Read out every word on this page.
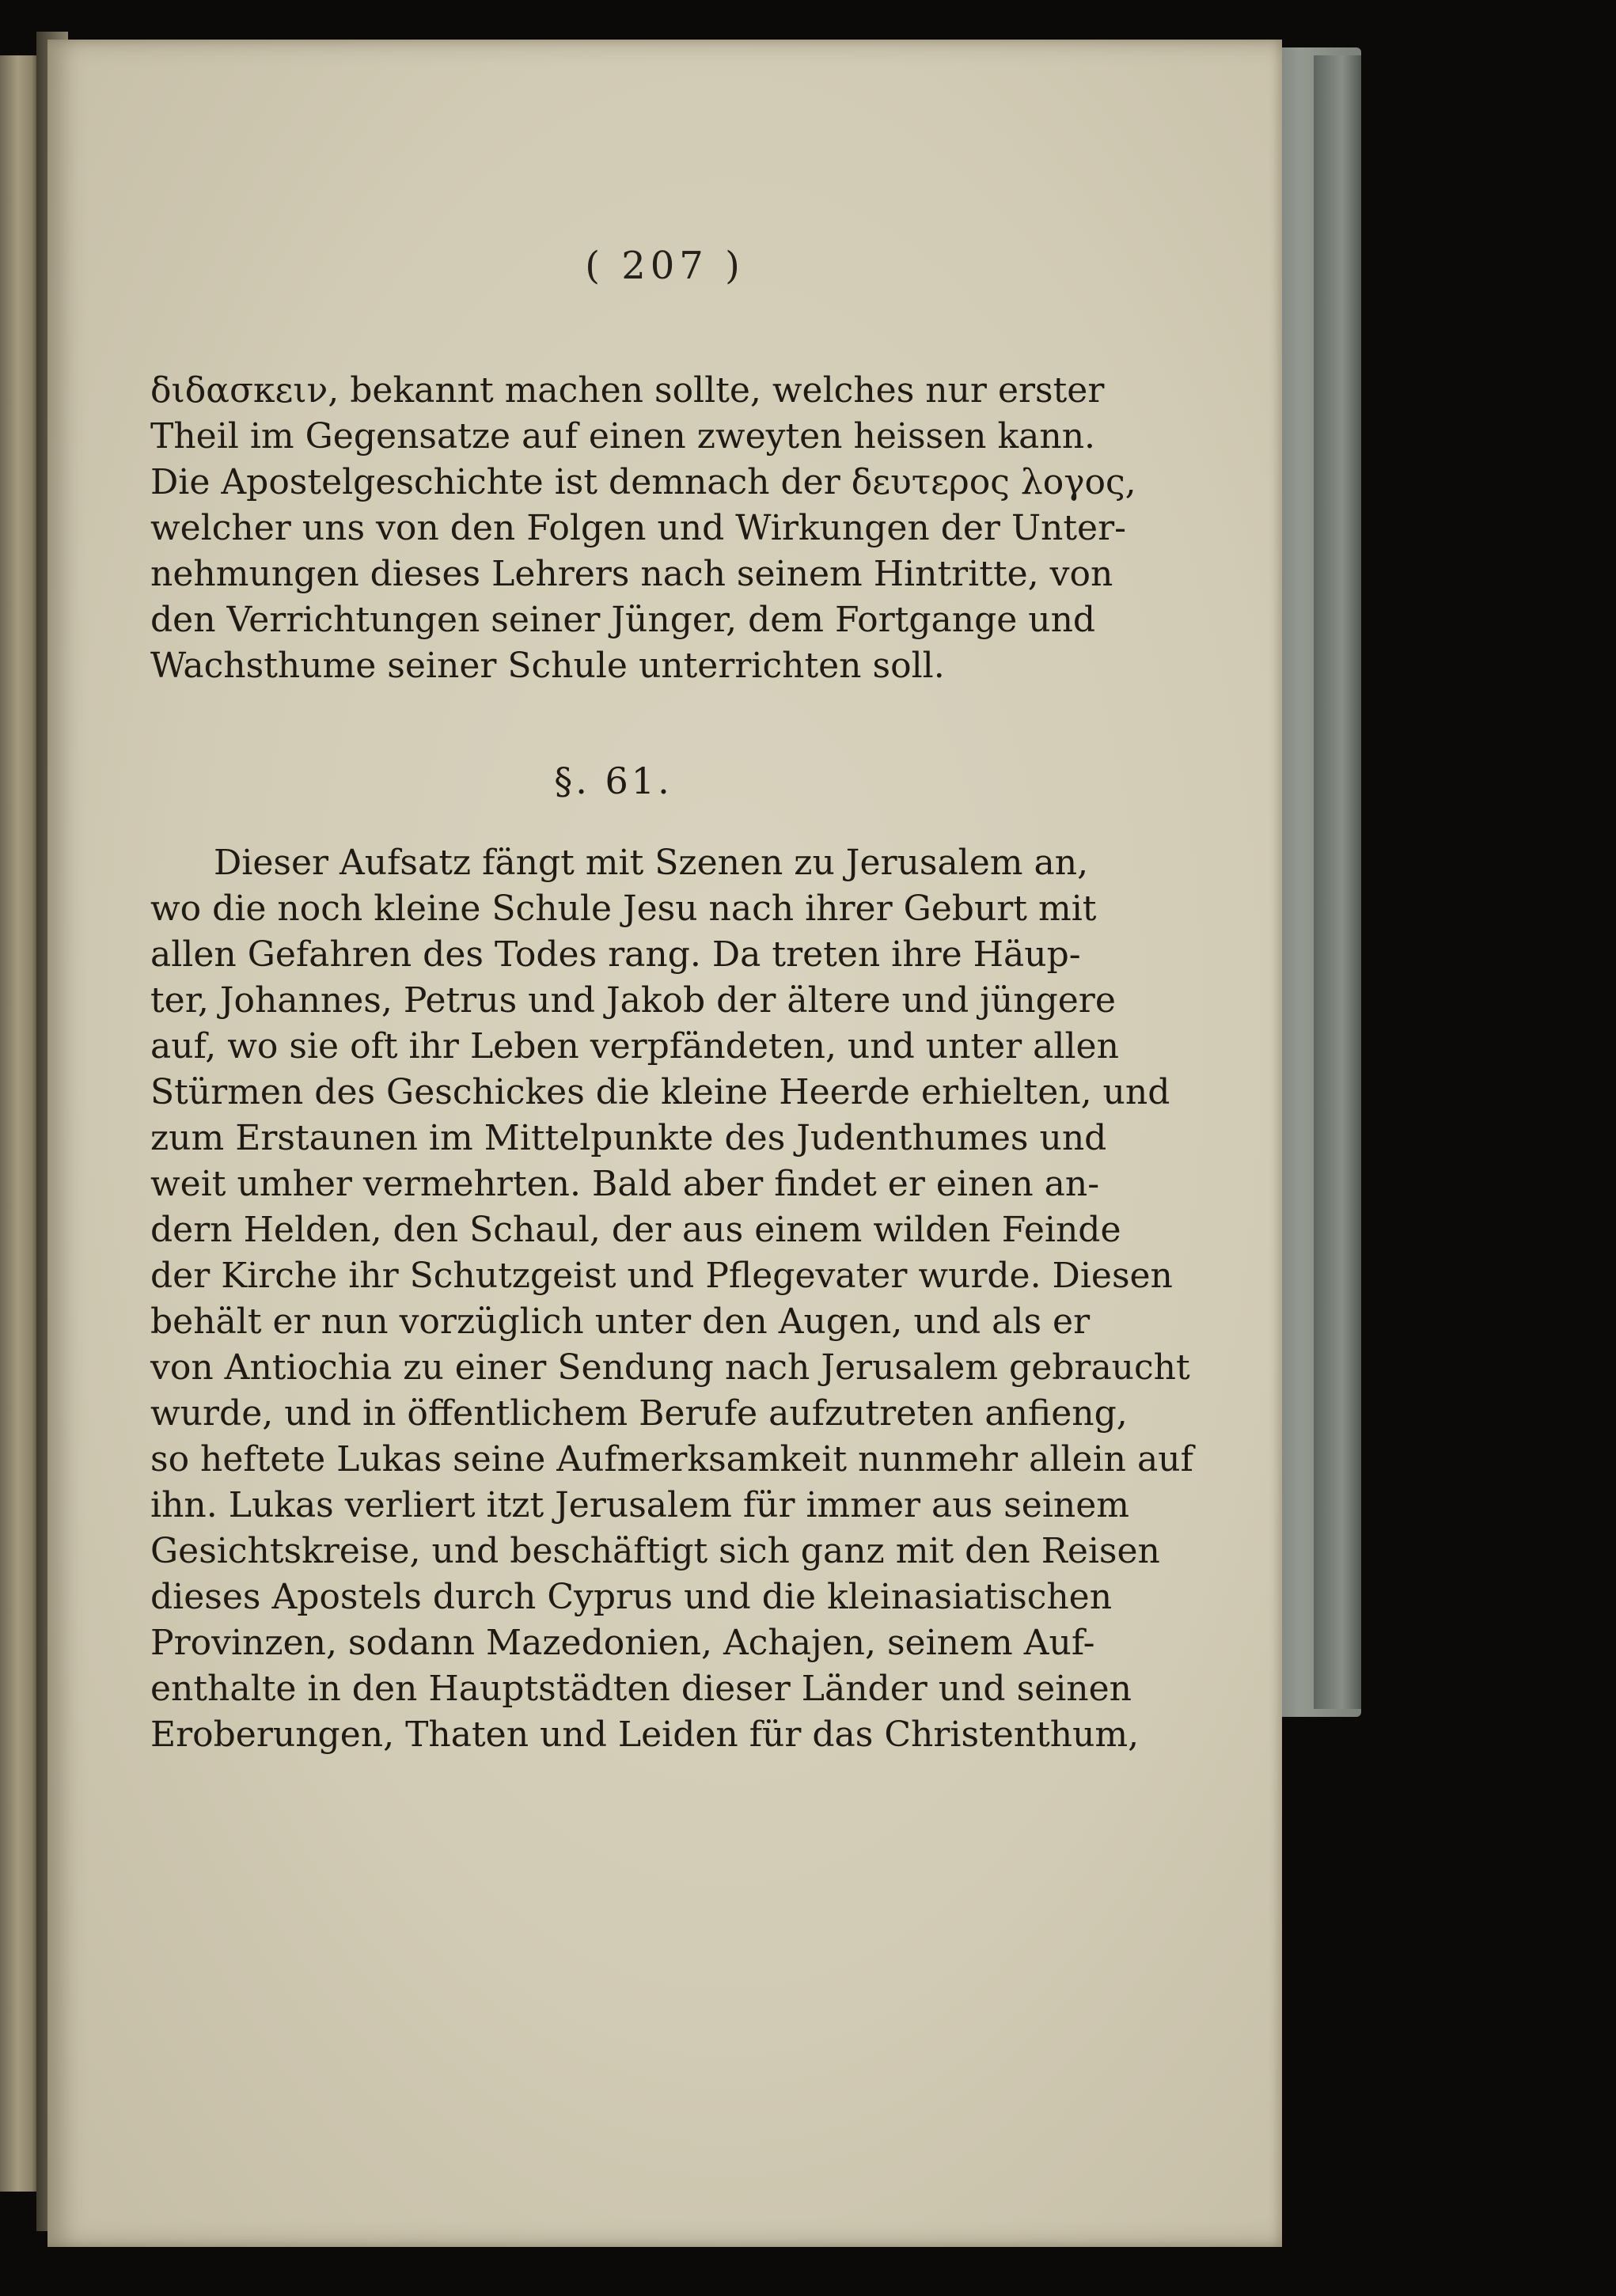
( 207 )
διδασκειν, bekannt machen sollte, welches nur erster
Theil im Gegensatze auf einen zweyten heissen kann.
Die Apostelgeschichte ist demnach der δευτερος λογος,
welcher uns von den Folgen und Wirkungen der Unter-
nehmungen dieses Lehrers nach seinem Hintritte, von
den Verrichtungen seiner Jünger, dem Fortgange und
Wachsthume seiner Schule unterrichten soll.
§. 61.
Dieser Aufsatz fängt mit Szenen zu Jerusalem an,
wo die noch kleine Schule Jesu nach ihrer Geburt mit
allen Gefahren des Todes rang. Da treten ihre Häup-
ter, Johannes, Petrus und Jakob der ältere und jüngere
auf, wo sie oft ihr Leben verpfändeten, und unter allen
Stürmen des Geschickes die kleine Heerde erhielten, und
zum Erstaunen im Mittelpunkte des Judenthumes und
weit umher vermehrten. Bald aber findet er einen an-
dern Helden, den Schaul, der aus einem wilden Feinde
der Kirche ihr Schutzgeist und Pflegevater wurde. Diesen
behält er nun vorzüglich unter den Augen, und als er
von Antiochia zu einer Sendung nach Jerusalem gebraucht
wurde, und in öffentlichem Berufe aufzutreten anfieng,
so heftete Lukas seine Aufmerksamkeit nunmehr allein auf
ihn. Lukas verliert itzt Jerusalem für immer aus seinem
Gesichtskreise, und beschäftigt sich ganz mit den Reisen
dieses Apostels durch Cyprus und die kleinasiatischen
Provinzen, sodann Mazedonien, Achajen, seinem Auf-
enthalte in den Hauptstädten dieser Länder und seinen
Eroberungen, Thaten und Leiden für das Christenthum,
